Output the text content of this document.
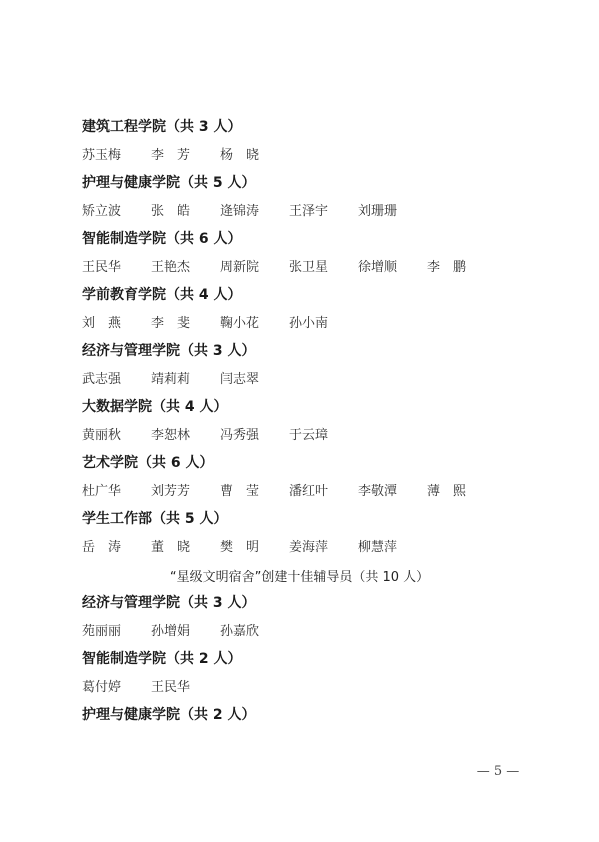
建筑工程学院（共 3 人）
苏玉梅 李　芳 杨　晓
护理与健康学院（共 5 人）
矫立波 张　皓 逄锦涛 王泽宇 刘珊珊
智能制造学院（共 6 人）
王民华 王艳杰 周新院 张卫星 徐增顺 李　鹏
学前教育学院（共 4 人）
刘　燕 李　斐 鞠小花 孙小南
经济与管理学院（共 3 人）
武志强 靖莉莉 闫志翠
大数据学院（共 4 人）
黄丽秋 李恕林 冯秀强 于云璋
艺术学院（共 6 人）
杜广华 刘芳芳 曹　莹 潘红叶 李敬潭 薄　熙
学生工作部（共 5 人）
岳　涛 董　晓 樊　明 姜海萍 柳慧萍
“星级文明宿舍”创建十佳辅导员（共 10 人）
经济与管理学院（共 3 人）
苑丽丽 孙增娟 孙嘉欣
智能制造学院（共 2 人）
葛付婷 王民华
护理与健康学院（共 2 人）
— 5 —
